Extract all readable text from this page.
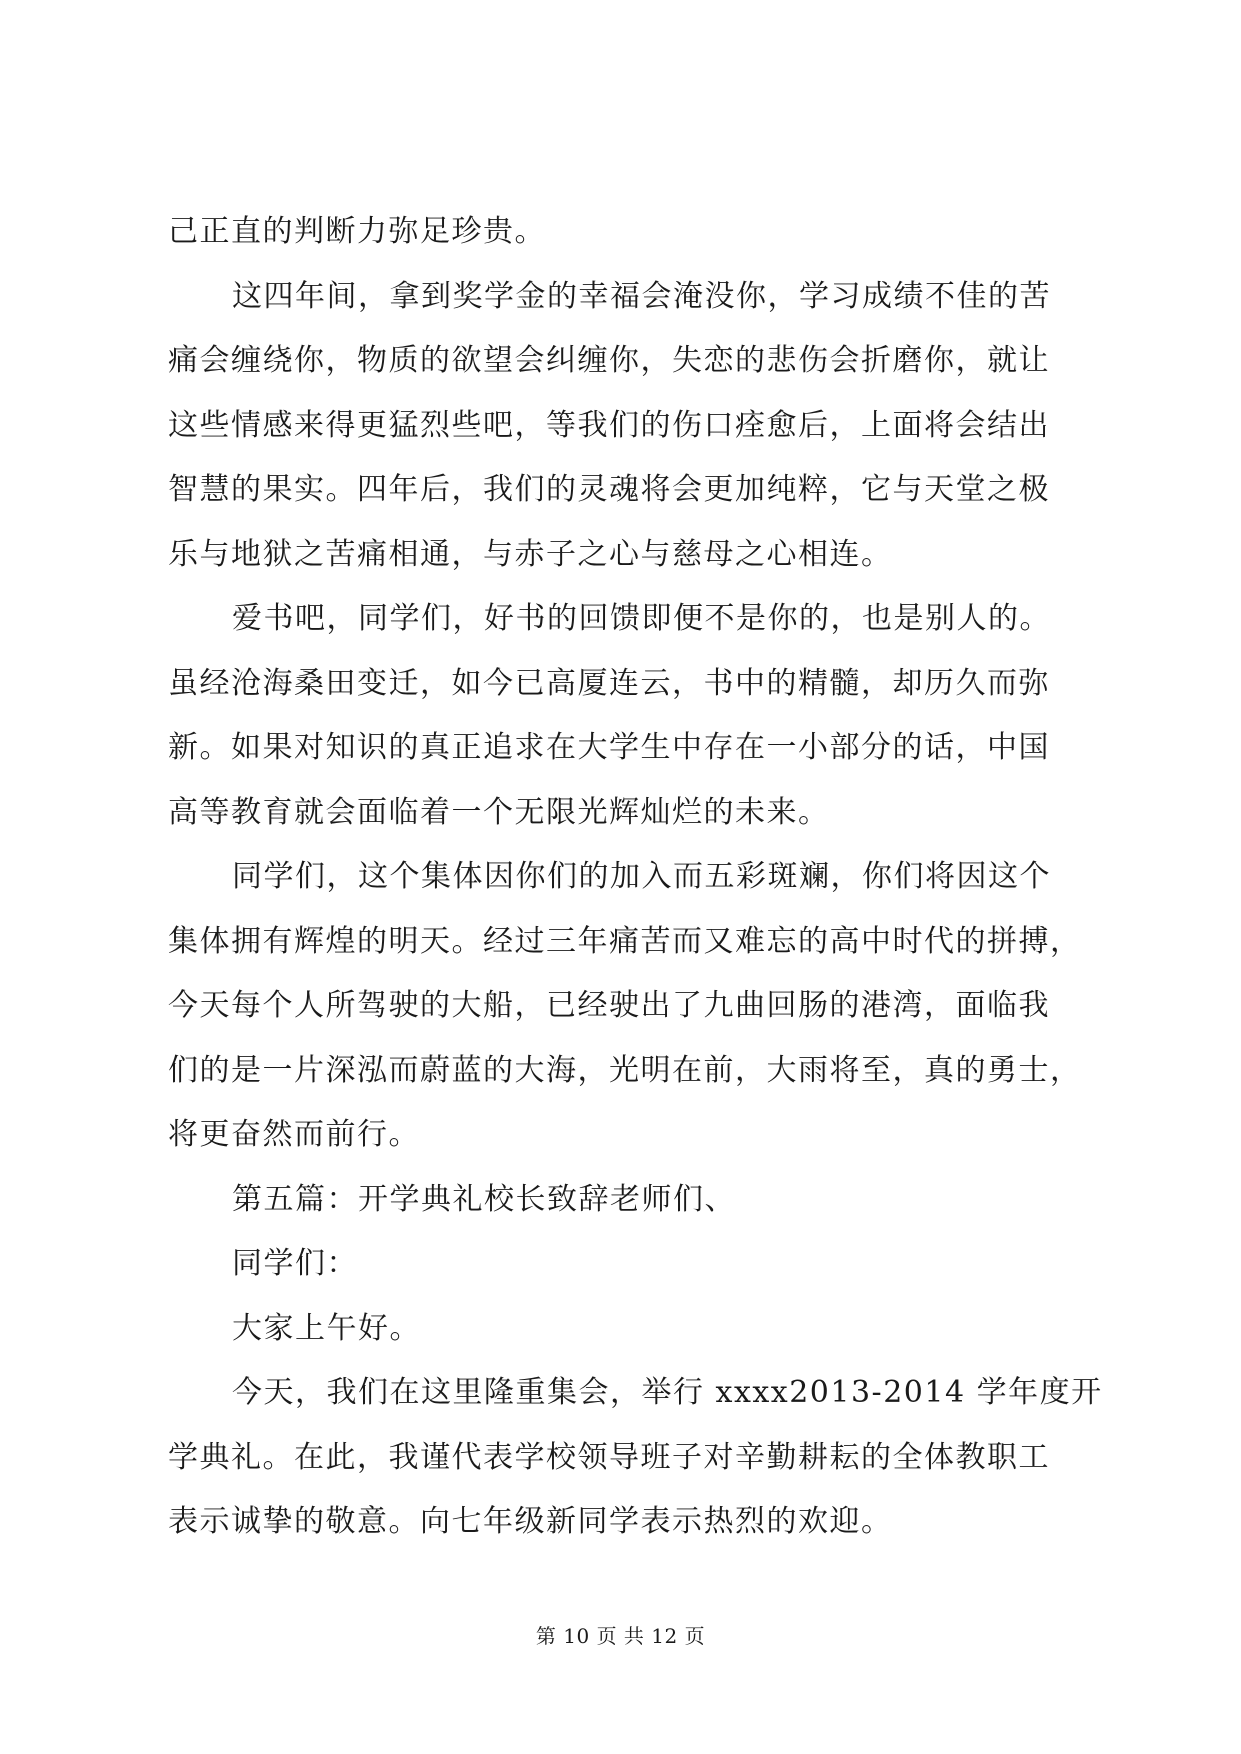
己正直的判断力弥足珍贵。
这四年间，拿到奖学金的幸福会淹没你，学习成绩不佳的苦
痛会缠绕你，物质的欲望会纠缠你，失恋的悲伤会折磨你，就让
这些情感来得更猛烈些吧，等我们的伤口痊愈后，上面将会结出
智慧的果实。四年后，我们的灵魂将会更加纯粹，它与天堂之极
乐与地狱之苦痛相通，与赤子之心与慈母之心相连。
爱书吧，同学们，好书的回馈即便不是你的，也是别人的。
虽经沧海桑田变迁，如今已高厦连云，书中的精髓，却历久而弥
新。如果对知识的真正追求在大学生中存在一小部分的话，中国
高等教育就会面临着一个无限光辉灿烂的未来。
同学们，这个集体因你们的加入而五彩斑斓，你们将因这个
集体拥有辉煌的明天。经过三年痛苦而又难忘的高中时代的拼搏，
今天每个人所驾驶的大船，已经驶出了九曲回肠的港湾，面临我
们的是一片深泓而蔚蓝的大海，光明在前，大雨将至，真的勇士，
将更奋然而前行。
第五篇：开学典礼校长致辞老师们、
同学们：
大家上午好。
今天，我们在这里隆重集会，举行 xxxx2013-2014 学年度开
学典礼。在此，我谨代表学校领导班子对辛勤耕耘的全体教职工
表示诚挚的敬意。向七年级新同学表示热烈的欢迎。
第 10 页 共 12 页
